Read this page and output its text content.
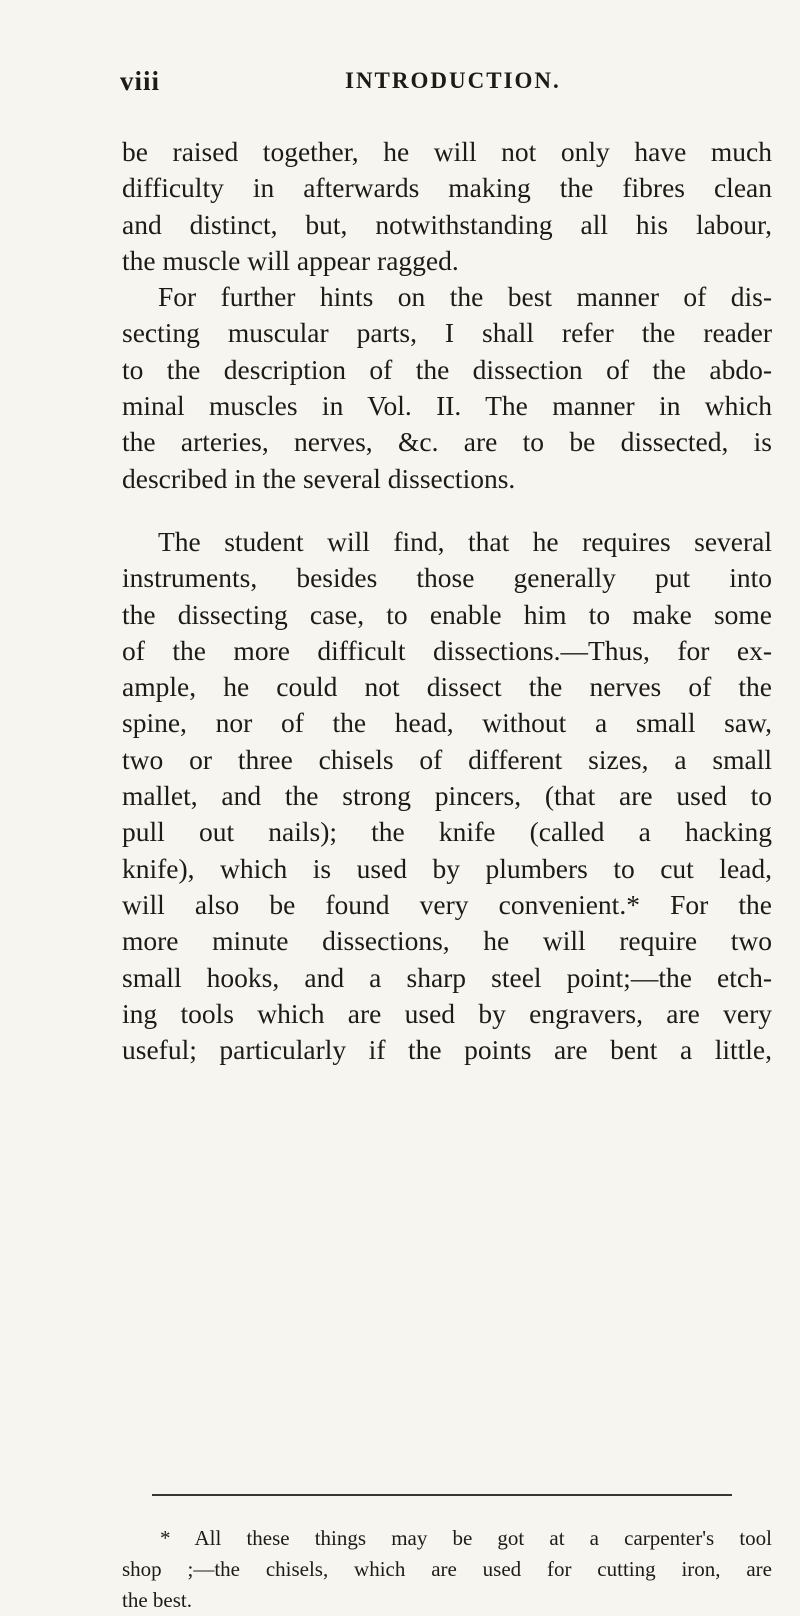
viii	INTRODUCTION.
be raised together, he will not only have much
difficulty in afterwards making the fibres clean
and distinct, but, notwithstanding all his labour,
the muscle will appear ragged.
For further hints on the best manner of dis-
secting muscular parts, I shall refer the reader
to the description of the dissection of the abdo-
minal muscles in Vol. II. The manner in which
the arteries, nerves, &c. are to be dissected, is
described in the several dissections.
The student will find, that he requires several
instruments, besides those generally put into
the dissecting case, to enable him to make some
of the more difficult dissections.—Thus, for ex-
ample, he could not dissect the nerves of the
spine, nor of the head, without a small saw,
two or three chisels of different sizes, a small
mallet, and the strong pincers, (that are used to
pull out nails); the knife (called a hacking
knife), which is used by plumbers to cut lead,
will also be found very convenient.* For the
more minute dissections, he will require two
small hooks, and a sharp steel point;—the etch-
ing tools which are used by engravers, are very
useful; particularly if the points are bent a little,
* All these things may be got at a carpenter's tool
shop ;—the chisels, which are used for cutting iron, are
the best.
